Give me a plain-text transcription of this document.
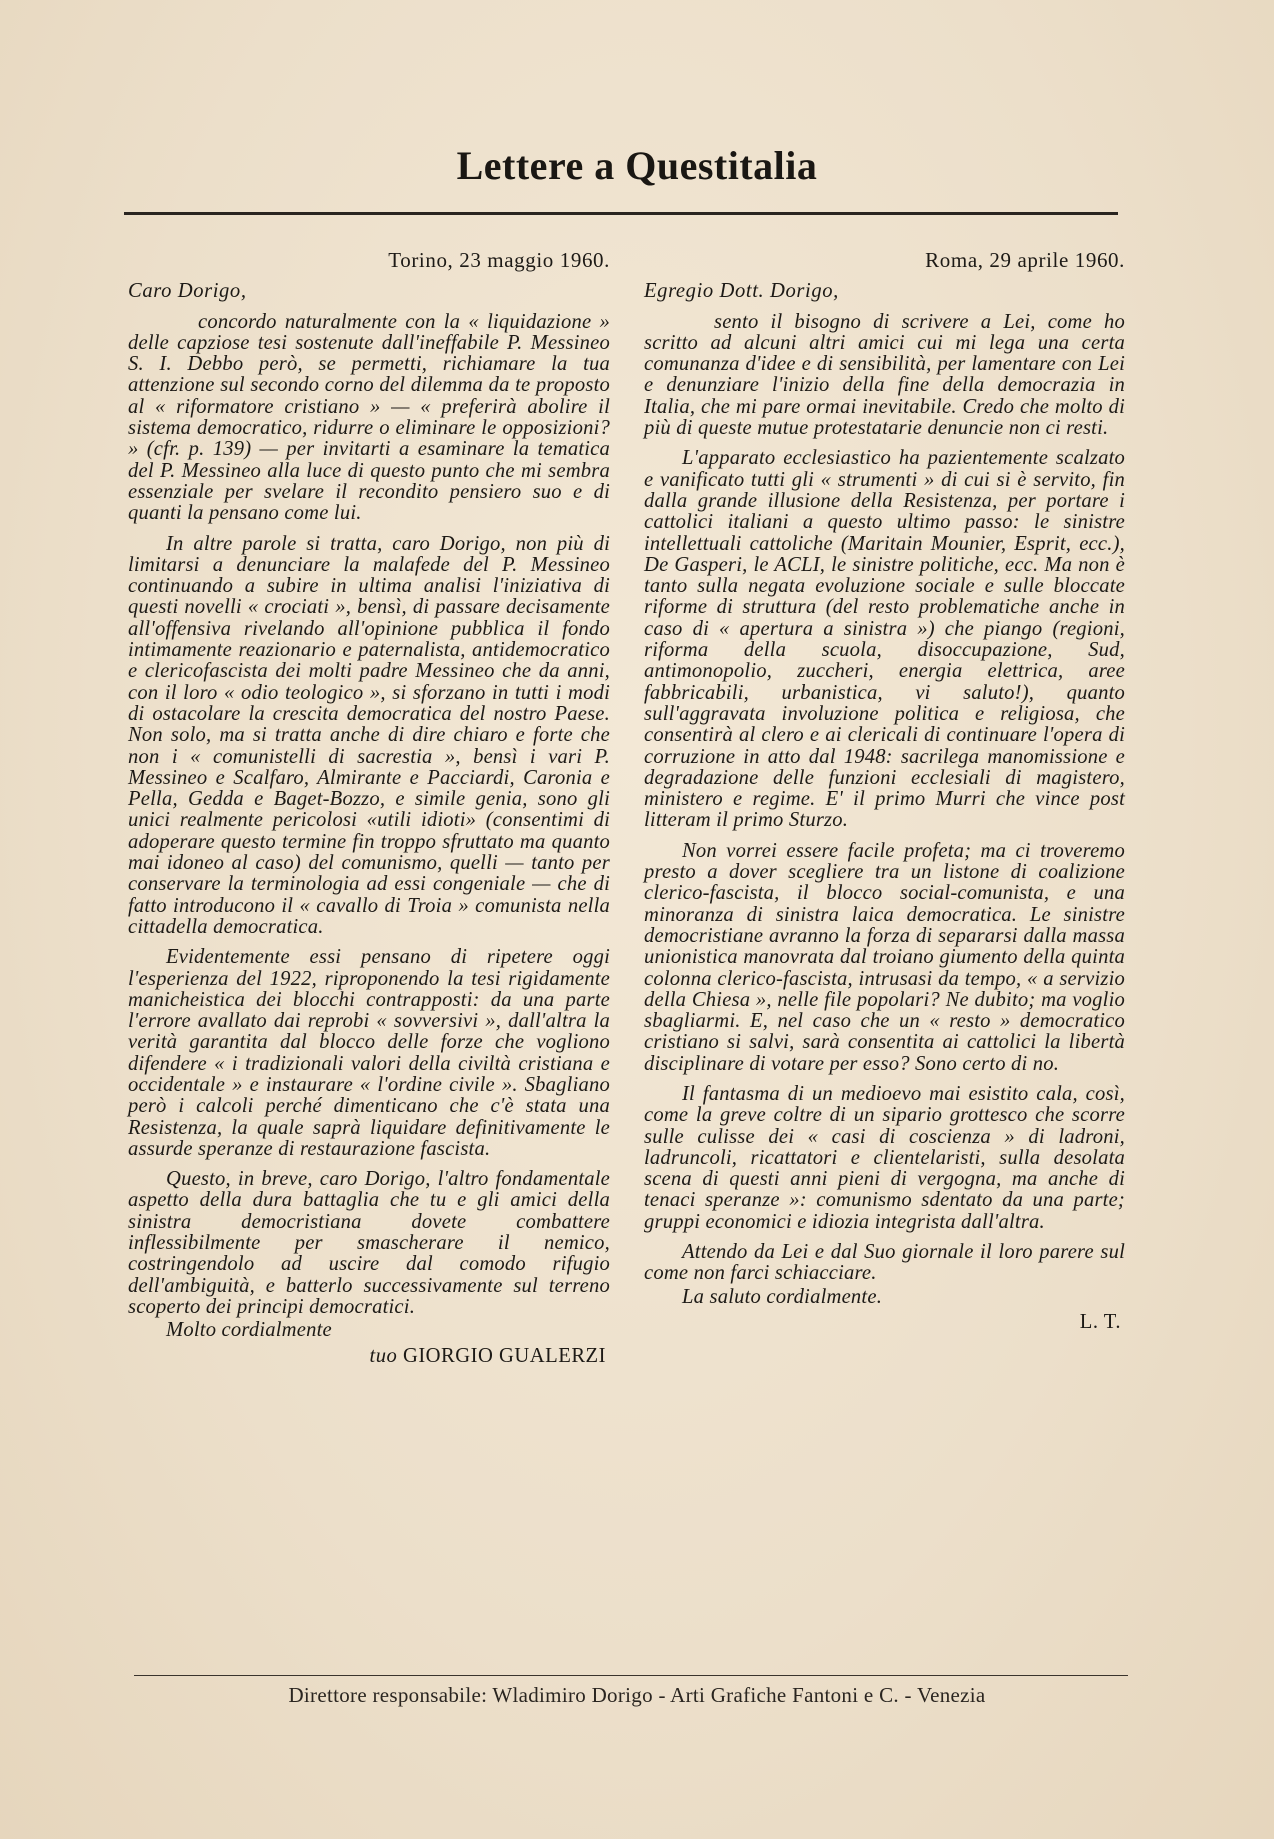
Lettere a Questitalia
Torino, 23 maggio 1960.
Caro Dorigo,

concordo naturalmente con la « liquidazione » delle capziose tesi sostenute dall'ineffabile P. Messineo S. I. Debbo però, se permetti, richiamare la tua attenzione sul secondo corno del dilemma da te proposto al « riformatore cristiano » — « preferirà abolire il sistema democratico, ridurre o eliminare le opposizioni? » (cfr. p. 139) — per invitarti a esaminare la tematica del P. Messineo alla luce di questo punto che mi sembra essenziale per svelare il recondito pensiero suo e di quanti la pensano come lui.

In altre parole si tratta, caro Dorigo, non più di limitarsi a denunciare la malafede del P. Messineo continuando a subire in ultima analisi l'iniziativa di questi novelli « crociati », bensì, di passare decisamente all'offensiva rivelando all'opinione pubblica il fondo intimamente reazionario e paternalista, antidemocratico e clericofascista dei molti padre Messineo che da anni, con il loro « odio teologico », si sforzano in tutti i modi di ostacolare la crescita democratica del nostro Paese. Non solo, ma si tratta anche di dire chiaro e forte che non i « comunistelli di sacrestia », bensì i vari P. Messineo e Scalfaro, Almirante e Pacciardi, Caronia e Pella, Gedda e Baget-Bozzo, e simile genia, sono gli unici realmente pericolosi «utili idioti» (consentimi di adoperare questo termine fin troppo sfruttato ma quanto mai idoneo al caso) del comunismo, quelli — tanto per conservare la terminologia ad essi congeniale — che di fatto introducono il « cavallo di Troia » comunista nella cittadella democratica.

Evidentemente essi pensano di ripetere oggi l'esperienza del 1922, riproponendo la tesi rigidamente manicheistica dei blocchi contrapposti: da una parte l'errore avallato dai reprobi « sovversivi », dall'altra la verità garantita dal blocco delle forze che vogliono difendere « i tradizionali valori della civiltà cristiana e occidentale » e instaurare « l'ordine civile ». Sbagliano però i calcoli perché dimenticano che c'è stata una Resistenza, la quale saprà liquidare definitivamente le assurde speranze di restaurazione fascista.

Questo, in breve, caro Dorigo, l'altro fondamentale aspetto della dura battaglia che tu e gli amici della sinistra democristiana dovete combattere inflessibilmente per smascherare il nemico, costringendolo ad uscire dal comodo rifugio dell'ambiguità, e batterlo successivamente sul terreno scoperto dei principi democratici.

Molto cordialmente
tuo GIORGIO GUALERZI
Roma, 29 aprile 1960.
Egregio Dott. Dorigo,

sento il bisogno di scrivere a Lei, come ho scritto ad alcuni altri amici cui mi lega una certa comunanza d'idee e di sensibilità, per lamentare con Lei e denunziare l'inizio della fine della democrazia in Italia, che mi pare ormai inevitabile. Credo che molto di più di queste mutue protestatarie denuncie non ci resti.

L'apparato ecclesiastico ha pazientemente scalzato e vanificato tutti gli « strumenti » di cui si è servito, fin dalla grande illusione della Resistenza, per portare i cattolici italiani a questo ultimo passo: le sinistre intellettuali cattoliche (Maritain Mounier, Esprit, ecc.), De Gasperi, le ACLI, le sinistre politiche, ecc. Ma non è tanto sulla negata evoluzione sociale e sulle bloccate riforme di struttura (del resto problematiche anche in caso di « apertura a sinistra ») che piango (regioni, riforma della scuola, disoccupazione, Sud, antimonopolio, zuccheri, energia elettrica, aree fabbricabili, urbanistica, vi saluto!), quanto sull'aggravata involuzione politica e religiosa, che consentirà al clero e ai clericali di continuare l'opera di corruzione in atto dal 1948: sacrilega manomissione e degradazione delle funzioni ecclesiali di magistero, ministero e regime. E' il primo Murri che vince post litteram il primo Sturzo.

Non vorrei essere facile profeta; ma ci troveremo presto a dover scegliere tra un listone di coalizione clerico-fascista, il blocco social-comunista, e una minoranza di sinistra laica democratica. Le sinistre democristiane avranno la forza di separarsi dalla massa unionistica manovrata dal troiano giumento della quinta colonna clerico-fascista, intrusasi da tempo, « a servizio della Chiesa », nelle file popolari? Ne dubito; ma voglio sbagliarmi. E, nel caso che un « resto » democratico cristiano si salvi, sarà consentita ai cattolici la libertà disciplinare di votare per esso? Sono certo di no.

Il fantasma di un medioevo mai esistito cala, così, come la greve coltre di un sipario grottesco che scorre sulle culisse dei « casi di coscienza » di ladroni, ladruncoli, ricattatori e clientelaristi, sulla desolata scena di questi anni pieni di vergogna, ma anche di tenaci speranze »: comunismo sdentato da una parte; gruppi economici e idiozia integrista dall'altra.

Attendo da Lei e dal Suo giornale il loro parere sul come non farci schiacciare.

La saluto cordialmente.
L. T.
Direttore responsabile: Wladimiro Dorigo - Arti Grafiche Fantoni e C. - Venezia
